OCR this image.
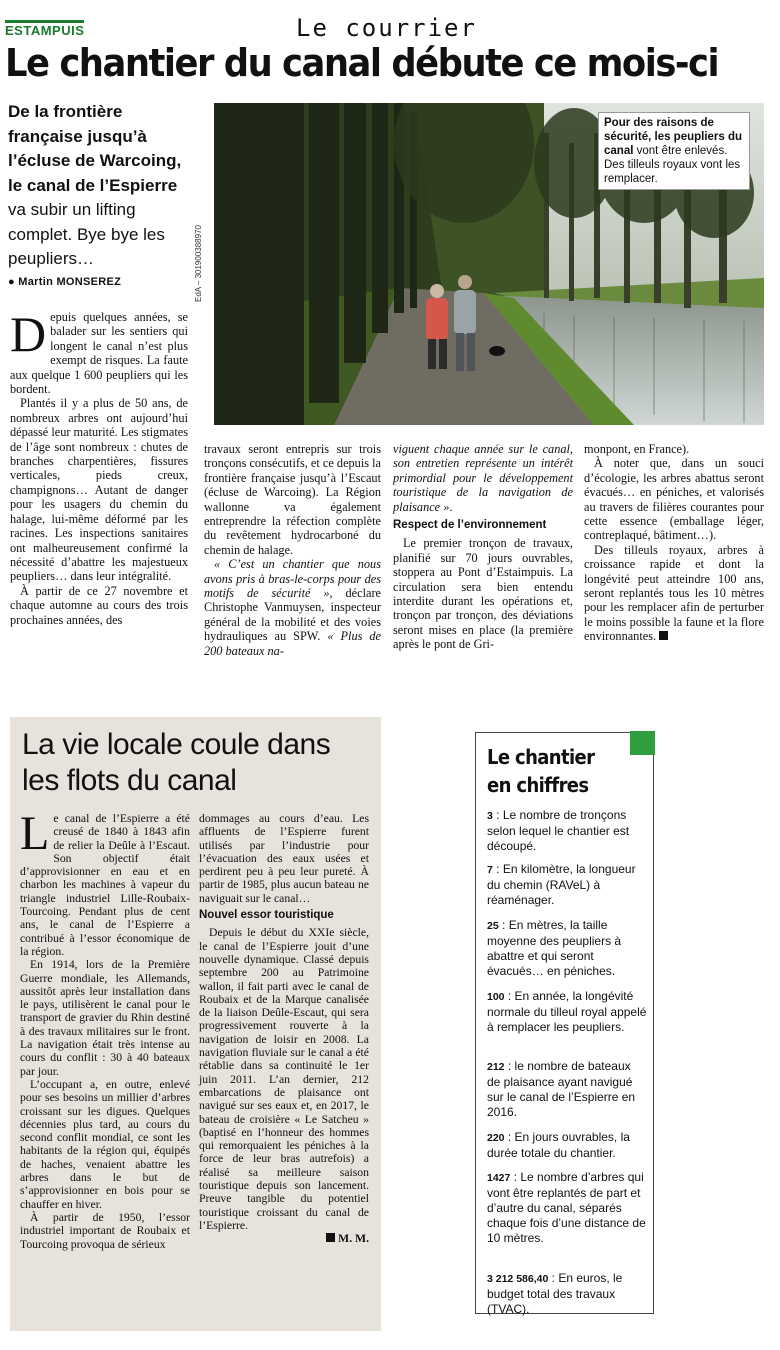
ESTAMPUIS	Le courrier
Le chantier du canal débute ce mois-ci
De la frontière française jusqu’à l’écluse de Warcoing, le canal de l’Espierre va subir un lifting complet. Bye bye les peupliers…
● Martin MONSEREZ
Pour des raisons de sécurité, les peupliers du canal vont être enlevés. Des tilleuls royaux vont les remplacer.
EdA – 301900388970

Depuis quelques années, se balader sur les sentiers qui longent le canal n’est plus exempt de risques. La faute aux quelque 1 600 peupliers qui les bordent.

Plantés il y a plus de 50 ans, de nombreux arbres ont aujourd’hui dépassé leur maturité. Les stigmates de l’âge sont nombreux : chutes de branches charpentières, fissures verticales, pieds creux, champignons… Autant de danger pour les usagers du chemin du halage, lui-même déformé par les racines. Les inspections sanitaires ont malheureusement confirmé la nécessité d’abattre les majestueux peupliers… dans leur intégralité.

À partir de ce 27 novembre et chaque automne au cours des trois prochaines années, des

travaux seront entrepris sur trois tronçons consécutifs, et ce depuis la frontière française jusqu’à l’Escaut (écluse de Warcoing). La Région wallonne va également entreprendre la réfection complète du revêtement hydrocarboné du chemin de halage.

« C’est un chantier que nous avons pris à bras-le-corps pour des motifs de sécurité », déclare Christophe Vanmuysen, inspecteur général de la mobilité et des voies hydrauliques au SPW. « Plus de 200 bateaux na-

viguent chaque année sur le canal, son entretien représente un intérêt primordial pour le développement touristique de la navigation de plaisance ».

Respect de l’environnement

Le premier tronçon de travaux, planifié sur 70 jours ouvrables, stoppera au Pont d’Estaimpuis. La circulation sera bien entendu interdite durant les opérations et, tronçon par tronçon, des déviations seront mises en place (la première après le pont de Gri-

monpont, en France).

À noter que, dans un souci d’écologie, les arbres abattus seront évacués… en péniches, et valorisés au travers de filières courantes pour cette essence (emballage léger, contreplaqué, bâtiment…).

Des tilleuls royaux, arbres à croissance rapide et dont la longévité peut atteindre 100 ans, seront replantés tous les 10 mètres pour les remplacer afin de perturber le moins possible la faune et la flore environnantes.

La vie locale coule dans les flots du canal

Le canal de l’Espierre a été creusé de 1840 à 1843 afin de relier la Deûle à l’Escaut. Son objectif était d’approvisionner en eau et en charbon les machines à vapeur du triangle industriel Lille-Roubaix-Tourcoing. Pendant plus de cent ans, le canal de l’Espierre a contribué à l’essor économique de la région.

En 1914, lors de la Première Guerre mondiale, les Allemands, aussitôt après leur installation dans le pays, utilisèrent le canal pour le transport de gravier du Rhin destiné à des travaux militaires sur le front. La navigation était très intense au cours du conflit : 30 à 40 bateaux par jour.

L’occupant a, en outre, enlevé pour ses besoins un millier d’arbres croissant sur les digues. Quelques décennies plus tard, au cours du second conflit mondial, ce sont les habitants de la région qui, équipés de haches, venaient abattre les arbres dans le but de s’approvisionner en bois pour se chauffer en hiver.

À partir de 1950, l’essor industriel important de Roubaix et Tourcoing provoqua de sérieux

dommages au cours d’eau. Les affluents de l’Espierre furent utilisés par l’industrie pour l’évacuation des eaux usées et perdirent peu à peu leur pureté. À partir de 1985, plus aucun bateau ne naviguait sur le canal…

Nouvel essor touristique

Depuis le début du XXIe siècle, le canal de l’Espierre jouit d’une nouvelle dynamique. Classé depuis septembre 200 au Patrimoine wallon, il fait parti avec le canal de Roubaix et de la Marque canalisée de la liaison Deûle-Escaut, qui sera progressivement rouverte à la navigation de loisir en 2008. La navigation fluviale sur le canal a été rétablie dans sa continuité le 1er juin 2011. L’an dernier, 212 embarcations de plaisance ont navigué sur ses eaux et, en 2017, le bateau de croisière « Le Satcheu » (baptisé en l’honneur des hommes qui remorquaient les péniches à la force de leur bras autrefois) a réalisé sa meilleure saison touristique depuis son lancement. Preuve tangible du potentiel touristique croissant du canal de l’Espierre.

M. M.

Le chantier
en chiffres
3 : Le nombre de tronçons selon lequel le chantier est découpé.
7 : En kilomètre, la longueur du chemin (RAVeL) à réaménager.
25 : En mètres, la taille moyenne des peupliers à abattre et qui seront évacués… en péniches.
100 : En année, la longévité normale du tilleul royal appelé à remplacer les peupliers.
212 : le nombre de bateaux de plaisance ayant navigué sur le canal de l’Espierre en 2016.
220 : En jours ouvrables, la durée totale du chantier.
1427 : Le nombre d’arbres qui vont être replantés de part et d’autre du canal, séparés chaque fois d’une distance de 10 mètres.
3 212 586,40 : En euros, le budget total des travaux (TVAC).
